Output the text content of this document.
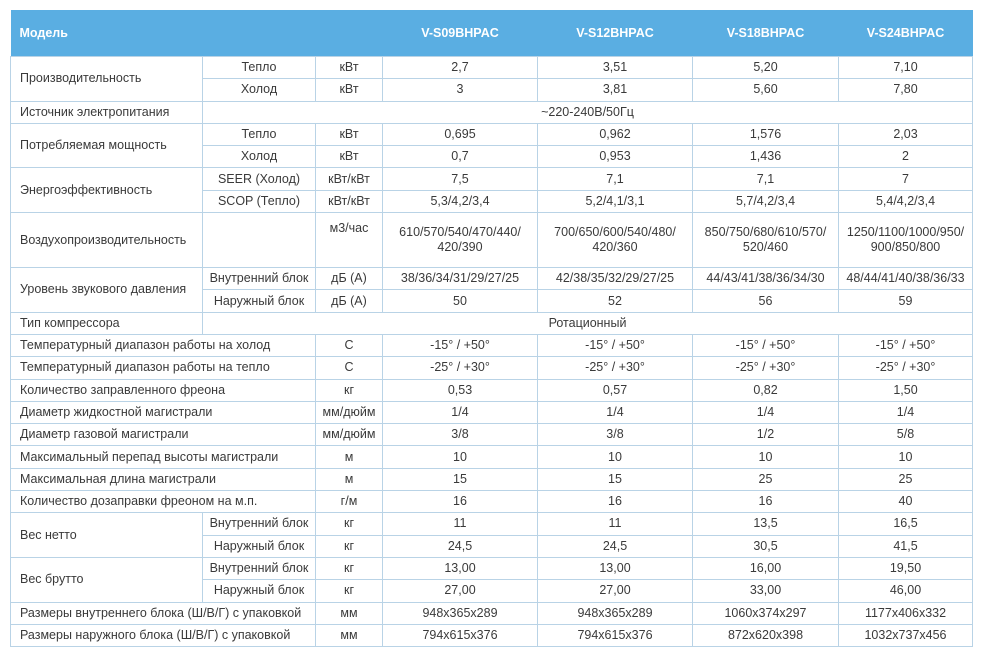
Модель			V-S09BHPAC	V-S12BHPAC	V-S18BHPAC	V-S24BHPAC
Производительность	Тепло	кВт	2,7	3,51	5,20	7,10
	Холод	кВт	3	3,81	5,60	7,80
Источник электропитания	~220-240В/50Гц					
Потребляемая мощность	Тепло	кВт	0,695	0,962	1,576	2,03
	Холод	кВт	0,7	0,953	1,436	2
Энергоэффективность	SEER (Холод)	кВт/кВт	7,5	7,1	7,1	7
	SCOP (Тепло)	кВт/кВт	5,3/4,2/3,4	5,2/4,1/3,1	5,7/4,2/3,4	5,4/4,2/3,4
Воздухопроизводительность		м3/час	610/570/540/470/440/ 420/390	700/650/600/540/480/ 420/360	850/750/680/610/570/ 520/460	1250/1100/1000/950/ 900/850/800
Уровень звукового давления	Внутренний блок	дБ (А)	38/36/34/31/29/27/25	42/38/35/32/29/27/25	44/43/41/38/36/34/30	48/44/41/40/38/36/33
	Наружный блок	дБ (А)	50	52	56	59
Тип компрессора	Ротационный					
Температурный диапазон работы на холод		С	-15° / +50°	-15° / +50°	-15° / +50°	-15° / +50°
Температурный диапазон работы на тепло		С	-25° / +30°	-25° / +30°	-25° / +30°	-25° / +30°
Количество заправленного фреона		кг	0,53	0,57	0,82	1,50
Диаметр жидкостной магистрали		мм/дюйм	1/4	1/4	1/4	1/4
Диаметр газовой магистрали		мм/дюйм	3/8	3/8	1/2	5/8
Максимальный перепад высоты магистрали		м	10	10	10	10
Максимальная длина магистрали		м	15	15	25	25
Количество дозаправки фреоном на м.п.		г/м	16	16	16	40
Вес нетто	Внутренний блок	кг	11	11	13,5	16,5
	Наружный блок	кг	24,5	24,5	30,5	41,5
Вес брутто	Внутренний блок	кг	13,00	13,00	16,00	19,50
	Наружный блок	кг	27,00	27,00	33,00	46,00
Размеры внутреннего блока (Ш/В/Г) с упаковкой		мм	948x365x289	948x365x289	1060x374x297	1177x406x332
Размеры наружного блока (Ш/В/Г) с упаковкой		мм	794x615x376	794x615x376	872x620x398	1032x737x456
